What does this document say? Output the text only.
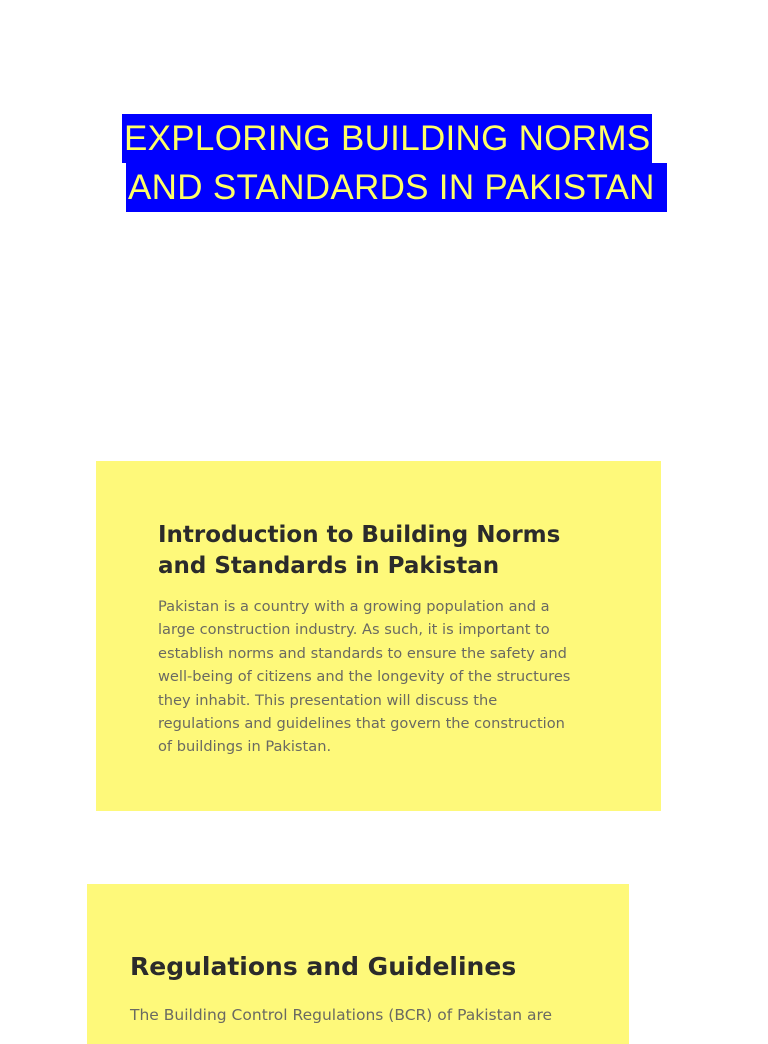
EXPLORING BUILDING NORMS
AND STANDARDS IN PAKISTAN
Introduction to Building Norms
and Standards in Pakistan

Pakistan is a country with a growing population and a
large construction industry. As such, it is important to
establish norms and standards to ensure the safety and
well-being of citizens and the longevity of the structures
they inhabit. This presentation will discuss the
regulations and guidelines that govern the construction
of buildings in Pakistan.

Regulations and Guidelines

The Building Control Regulations (BCR) of Pakistan are
